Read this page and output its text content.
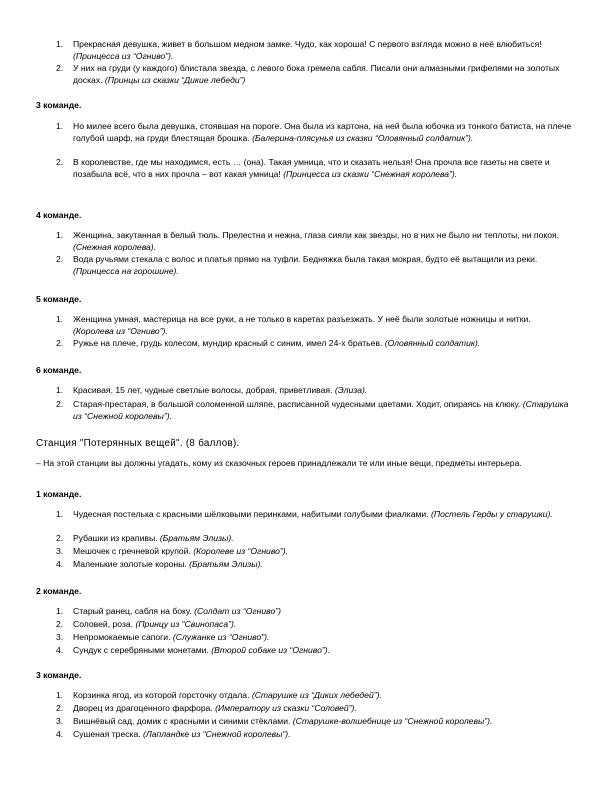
1.	Прекрасная девушка, живет в большом медном замке. Чудо, как хороша! С первого взгляда можно в неё влюбиться! (Принцесса из “Огниво”).
2.	У них на груди (у каждого) блистала звезда, с левого бока гремела сабля. Писали они алмазными грифелями на золотых досках. (Принцы из сказки “Дикие лебеди”)
3 команде.
1.	Но милее всего была девушка, стоявшая на пороге. Она была из картона, на ней была юбочка из тонкого батиста, на плече голубой шарф, на груди блестящая брошка. (Балерина-плясунья из сказки “Оловянный солдатик”).
2.	В королевстве, где мы находимся, есть … (она). Такая умница, что и сказать нельзя! Она прочла все газеты на свете и позабыла всё, что в них прочла – вот какая умница! (Принцесса из сказки “Снежная королева”).
4 команде.
1.	Женщина, закутанная в белый тюль. Прелестна и нежна, глаза сияли как звезды, но в них не было ни теплоты, ни покоя. (Снежная королева).
2.	Вода ручьями стекала с волос и платья прямо на туфли. Бедняжка была такая мокрая, будто её вытащили из реки. (Принцесса на горошине).
5 команде.
1.	Женщина умная, мастерица на все руки, а не только в каретах разъезжать. У неё были золотые ножницы и нитки. (Королева из “Огниво”).
2.	Ружье на плече, грудь колесом, мундир красный с синим, имел 24-х братьев. (Оловянный солдатик).
6 команде.
1.	Красивая, 15 лет, чудные светлые волосы, добрая, приветливая. (Элиза).
2.	Старая-престарая, в большой соломенной шляпе, расписанной чудесными цветами. Ходит, опираясь на клюку. (Старушка из “Снежной королевы”).
Станция "Потерянных вещей". (8 баллов).
– На этой станции вы должны угадать, кому из сказочных героев принадлежали те или иные вещи, предметы интерьера.
1 команде.
1.	Чудесная постелька с красными шёлковыми перинками, набитыми голубыми фиалками. (Постель Герды у старушки).
2.	Рубашки из крапивы. (Братьям Элизы).
3.	Мешочек с гречневой крупой. (Королеве из “Огниво”).
4.	Маленькие золотые короны. (Братьям Элизы).
2 команде.
1.	Старый ранец, сабля на боку. (Солдат из “Огниво”)
2.	Соловей, роза. (Принцу из “Свинопаса”).
3.	Непромокаемые сапоги. (Служанке из “Огниво”).
4.	Сундук с серебряными монетами. (Второй собаке из “Огниво”).
3 команде.
1.	Корзинка ягод, из которой горсточку отдала. (Старушке из “Диких лебедей”).
2.	Дворец из драгоценного фарфора. (Императору из сказки “Соловей”).
3.	Вишнёвый сад, домик с красными и синими стёклами. (Старушке-волшебнице из “Снежной королевы”).
4.	Сушеная треска. (Лапландке из “Снежной королевы”).
